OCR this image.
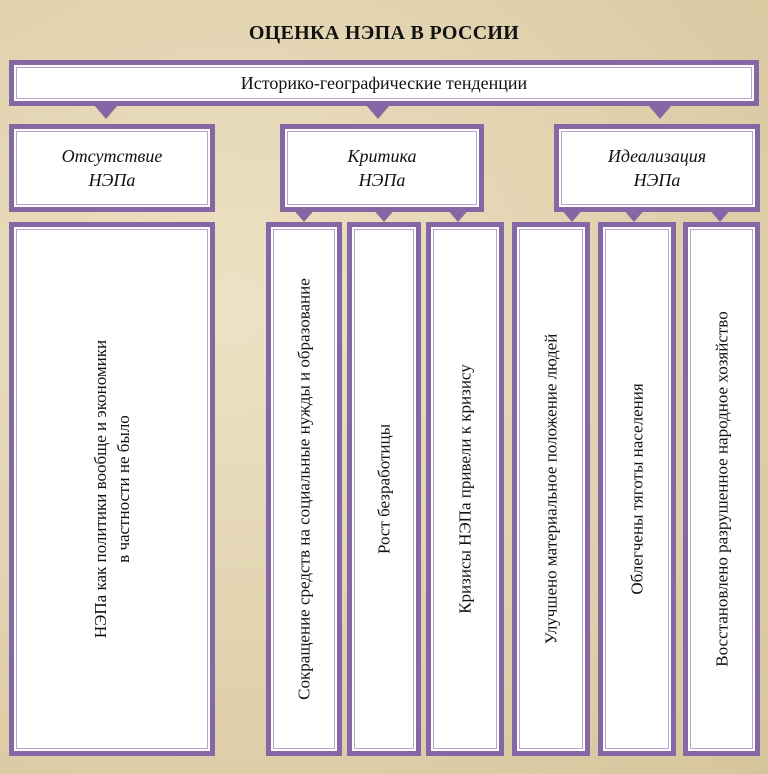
ОЦЕНКА НЭПА В РОССИИ
Историко-географические тенденции
Отсутствие
НЭПа
Критика
НЭПа
Идеализация
НЭПа
НЭПа как политики вообще и экономики
в частности не было	Сокращение средств на социальные нужды и образование	Рост безработицы	Кризисы НЭПа привели к кризису	Улучшено материальное положение людей	Облегчены тяготы населения	Восстановлено разрушенное народное хозяйство
